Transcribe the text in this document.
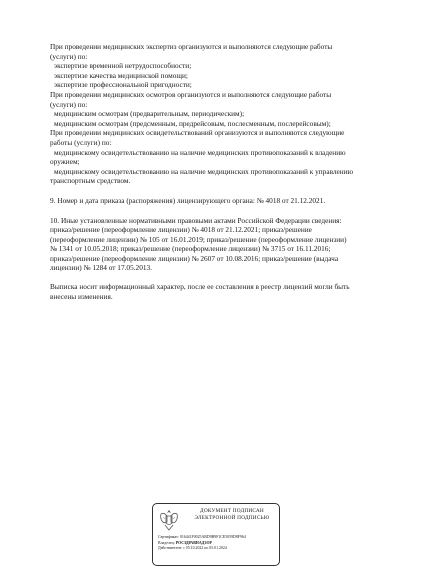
При проведении медицинских экспертиз организуются и выполняются следующие работы

(услуги) по:

экспертизе временной нетрудоспособности;

экспертизе качества медицинской помощи;

экспертизе профессиональной пригодности;

При проведении медицинских осмотров организуются и выполняются следующие работы

(услуги) по:

медицинским осмотрам (предварительным, периодическим);

медицинским осмотрам (предсменным, предрейсовым, послесменным, послерейсовым);

При проведении медицинских освидетельствований организуются и выполняются следующие

работы (услуги) по:

медицинскому освидетельствованию на наличие медицинских противопоказаний к владению

оружием;

медицинскому освидетельствованию на наличие медицинских противопоказаний к управлению

транспортным средством.

9. Номер и дата приказа (распоряжения) лицензирующего органа: № 4018 от 21.12.2021.

10. Иные установленные нормативными правовыми актами Российской Федерации сведения:

приказ/решение (переоформление лицензии) № 4018 от 21.12.2021; приказ/решение

(переоформление лицензии) № 105 от 16.01.2019; приказ/решение (переоформление лицензии)

№ 1341 от 10.05.2018; приказ/решение (переоформление лицензии) № 3715 от 16.11.2016;

приказ/решение (переоформление лицензии) № 2607 от 10.08.2016; приказ/решение (выдача

лицензии) № 1284 от 17.05.2013.

Выписка носит информационный характер, после ее составления в реестр лицензий могли быть

внесены изменения.

ДОКУМЕНТ ПОДПИСАН
ЭЛЕКТРОННОЙ ПОДПИСЬЮ
Сертификат: 016441F0025ABD9B9F1CE5059D8F964
Владелец: РОСЗДРАВНАДЗОР
Действителен: с 05.10.2022 по 05.01.2024
